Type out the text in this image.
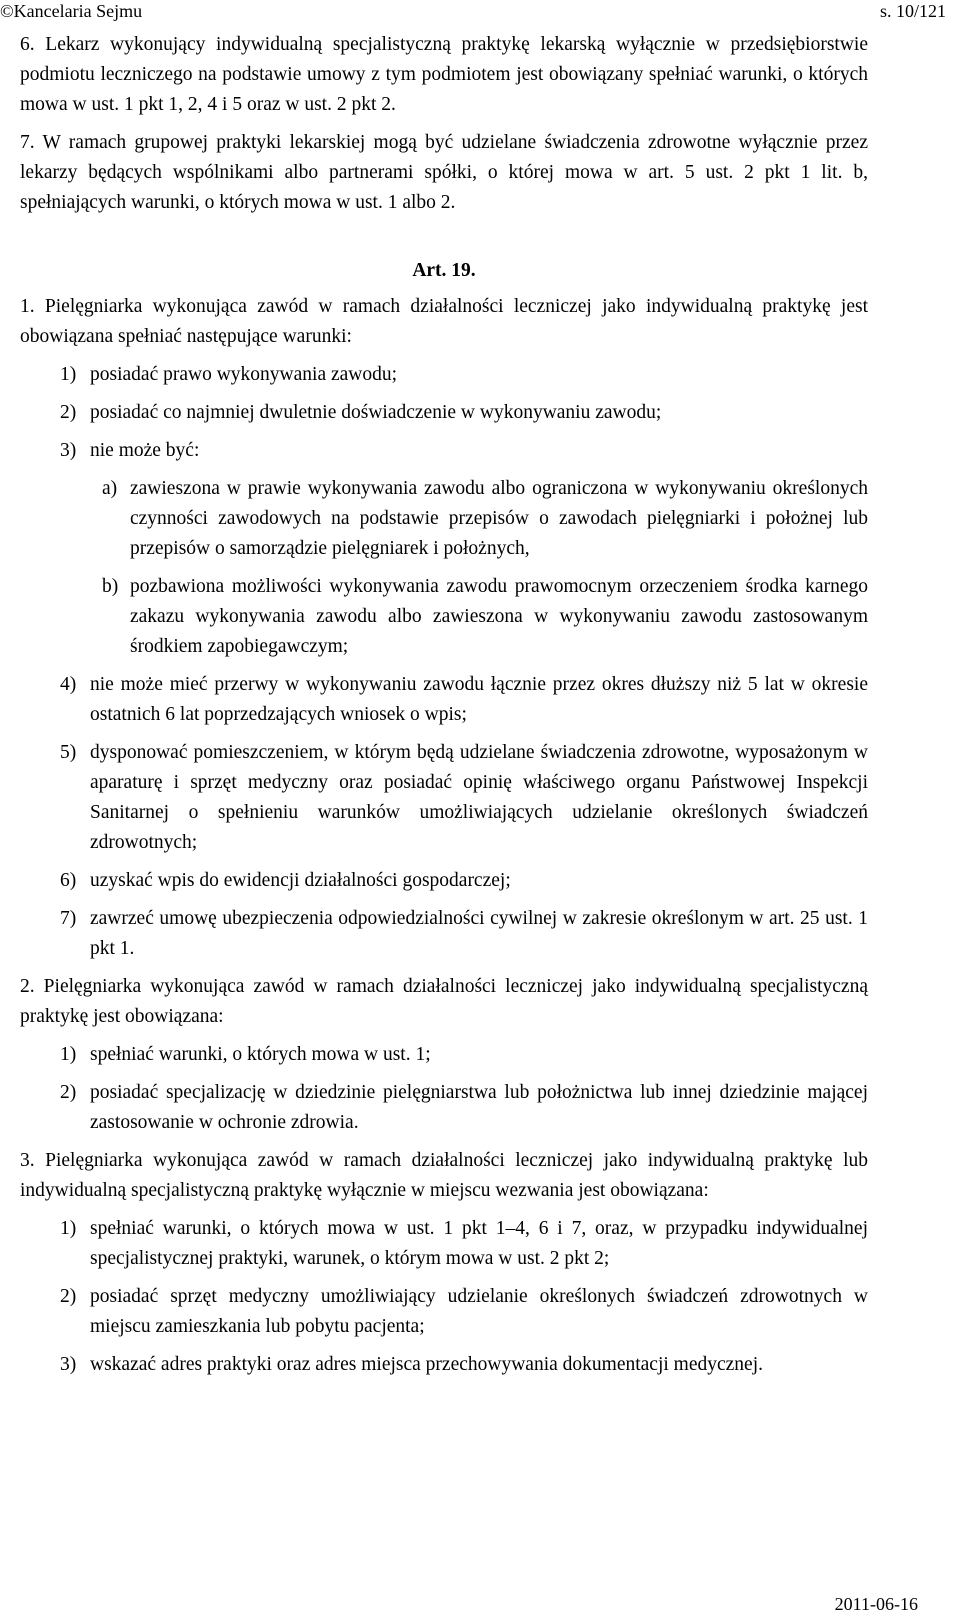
©Kancelaria Sejmu	s. 10/121

6. Lekarz wykonujący indywidualną specjalistyczną praktykę lekarską wyłącznie w przedsiębiorstwie podmiotu leczniczego na podstawie umowy z tym podmiotem jest obowiązany spełniać warunki, o których mowa w ust. 1 pkt 1, 2, 4 i 5 oraz w ust. 2 pkt 2.

7. W ramach grupowej praktyki lekarskiej mogą być udzielane świadczenia zdrowotne wyłącznie przez lekarzy będących wspólnikami albo partnerami spółki, o której mowa w art. 5 ust. 2 pkt 1 lit. b, spełniających warunki, o których mowa w ust. 1 albo 2.

Art. 19.

1. Pielęgniarka wykonująca zawód w ramach działalności leczniczej jako indywidualną praktykę jest obowiązana spełniać następujące warunki:

1) posiadać prawo wykonywania zawodu;
2) posiadać co najmniej dwuletnie doświadczenie w wykonywaniu zawodu;
3) nie może być:
a) zawieszona w prawie wykonywania zawodu albo ograniczona w wykonywaniu określonych czynności zawodowych na podstawie przepisów o zawodach pielęgniarki i położnej lub przepisów o samorządzie pielęgniarek i położnych,
b) pozbawiona możliwości wykonywania zawodu prawomocnym orzeczeniem środka karnego zakazu wykonywania zawodu albo zawieszona w wykonywaniu zawodu zastosowanym środkiem zapobiegawczym;
4) nie może mieć przerwy w wykonywaniu zawodu łącznie przez okres dłuższy niż 5 lat w okresie ostatnich 6 lat poprzedzających wniosek o wpis;
5) dysponować pomieszczeniem, w którym będą udzielane świadczenia zdrowotne, wyposażonym w aparaturę i sprzęt medyczny oraz posiadać opinię właściwego organu Państwowej Inspekcji Sanitarnej o spełnieniu warunków umożliwiających udzielanie określonych świadczeń zdrowotnych;
6) uzyskać wpis do ewidencji działalności gospodarczej;
7) zawrzeć umowę ubezpieczenia odpowiedzialności cywilnej w zakresie określonym w art. 25 ust. 1 pkt 1.

2. Pielęgniarka wykonująca zawód w ramach działalności leczniczej jako indywidualną specjalistyczną praktykę jest obowiązana:

1) spełniać warunki, o których mowa w ust. 1;
2) posiadać specjalizację w dziedzinie pielęgniarstwa lub położnictwa lub innej dziedzinie mającej zastosowanie w ochronie zdrowia.

3. Pielęgniarka wykonująca zawód w ramach działalności leczniczej jako indywidualną praktykę lub indywidualną specjalistyczną praktykę wyłącznie w miejscu wezwania jest obowiązana:

1) spełniać warunki, o których mowa w ust. 1 pkt 1–4, 6 i 7, oraz, w przypadku indywidualnej specjalistycznej praktyki, warunek, o którym mowa w ust. 2 pkt 2;
2) posiadać sprzęt medyczny umożliwiający udzielanie określonych świadczeń zdrowotnych w miejscu zamieszkania lub pobytu pacjenta;
3) wskazać adres praktyki oraz adres miejsca przechowywania dokumentacji medycznej.
2011-06-16
